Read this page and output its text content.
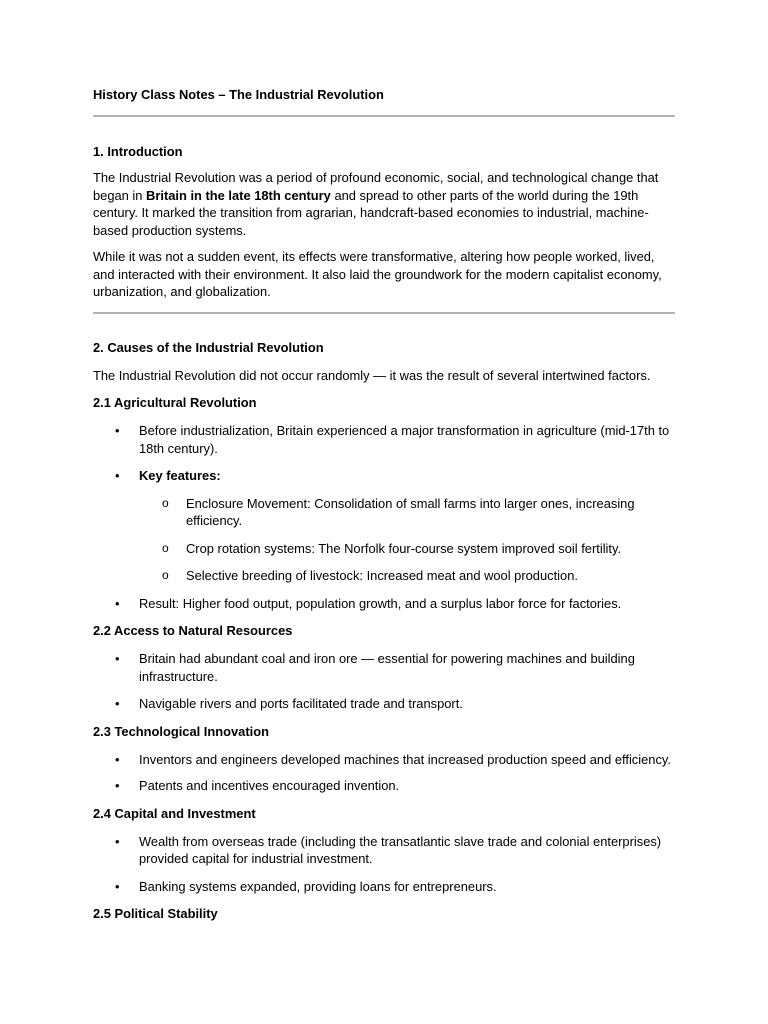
History Class Notes – The Industrial Revolution
1. Introduction

The Industrial Revolution was a period of profound economic, social, and technological change that began in Britain in the late 18th century and spread to other parts of the world during the 19th century. It marked the transition from agrarian, handcraft-based economies to industrial, machine-based production systems.

While it was not a sudden event, its effects were transformative, altering how people worked, lived, and interacted with their environment. It also laid the groundwork for the modern capitalist economy, urbanization, and globalization.

2. Causes of the Industrial Revolution

The Industrial Revolution did not occur randomly — it was the result of several intertwined factors.

2.1 Agricultural Revolution
• Before industrialization, Britain experienced a major transformation in agriculture (mid-17th to 18th century).
• Key features:
o Enclosure Movement: Consolidation of small farms into larger ones, increasing efficiency.
o Crop rotation systems: The Norfolk four-course system improved soil fertility.
o Selective breeding of livestock: Increased meat and wool production.
• Result: Higher food output, population growth, and a surplus labor force for factories.
2.2 Access to Natural Resources
• Britain had abundant coal and iron ore — essential for powering machines and building infrastructure.
• Navigable rivers and ports facilitated trade and transport.
2.3 Technological Innovation
• Inventors and engineers developed machines that increased production speed and efficiency.
• Patents and incentives encouraged invention.
2.4 Capital and Investment
• Wealth from overseas trade (including the transatlantic slave trade and colonial enterprises) provided capital for industrial investment.
• Banking systems expanded, providing loans for entrepreneurs.
2.5 Political Stability
